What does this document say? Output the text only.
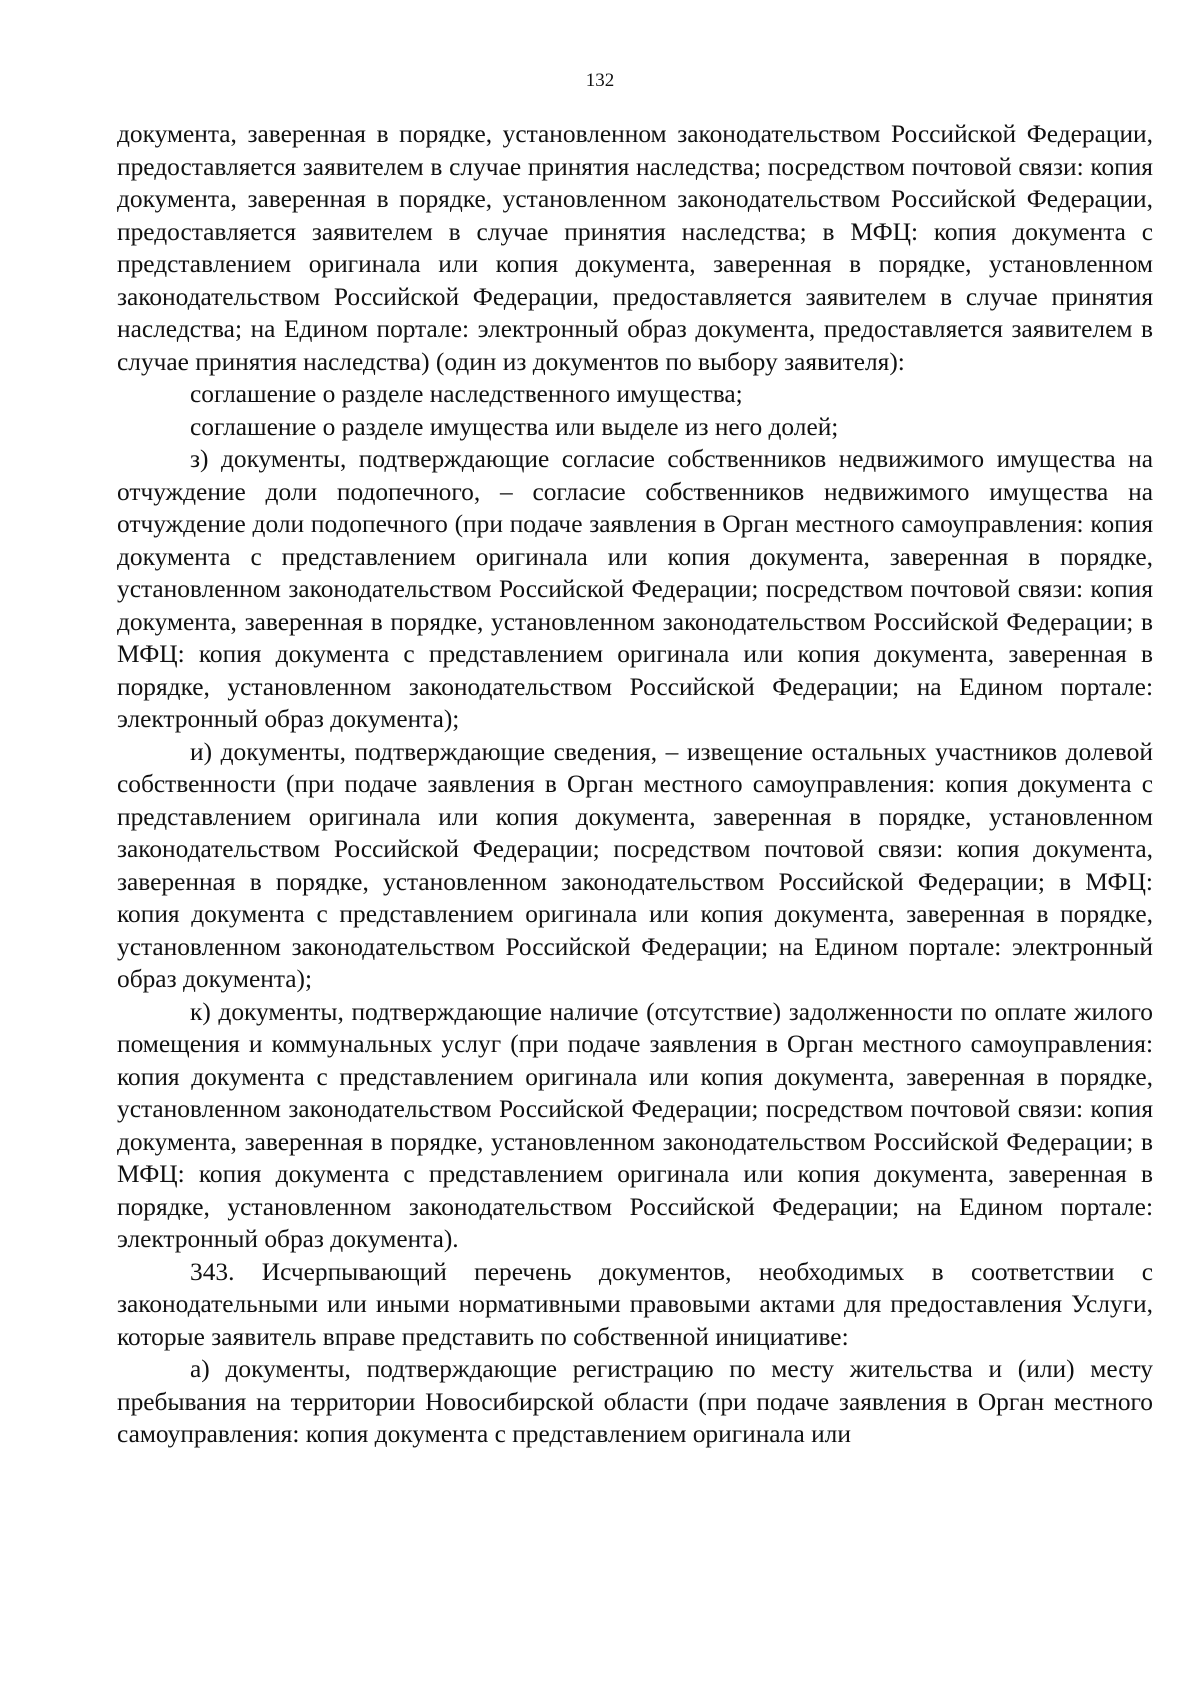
132

документа, заверенная в порядке, установленном законодательством Российской Федерации, предоставляется заявителем в случае принятия наследства; посредством почтовой связи: копия документа, заверенная в порядке, установленном законодательством Российской Федерации, предоставляется заявителем в случае принятия наследства; в МФЦ: копия документа с представлением оригинала или копия документа, заверенная в порядке, установленном законодательством Российской Федерации, предоставляется заявителем в случае принятия наследства; на Едином портале: электронный образ документа, предоставляется заявителем в случае принятия наследства) (один из документов по выбору заявителя):

соглашение о разделе наследственного имущества;

соглашение о разделе имущества или выделе из него долей;

з) документы, подтверждающие согласие собственников недвижимого имущества на отчуждение доли подопечного, – согласие собственников недвижимого имущества на отчуждение доли подопечного (при подаче заявления в Орган местного самоуправления: копия документа с представлением оригинала или копия документа, заверенная в порядке, установленном законодательством Российской Федерации; посредством почтовой связи: копия документа, заверенная в порядке, установленном законодательством Российской Федерации; в МФЦ: копия документа с представлением оригинала или копия документа, заверенная в порядке, установленном законодательством Российской Федерации; на Едином портале: электронный образ документа);

и) документы, подтверждающие сведения, – извещение остальных участников долевой собственности (при подаче заявления в Орган местного самоуправления: копия документа с представлением оригинала или копия документа, заверенная в порядке, установленном законодательством Российской Федерации; посредством почтовой связи: копия документа, заверенная в порядке, установленном законодательством Российской Федерации; в МФЦ: копия документа с представлением оригинала или копия документа, заверенная в порядке, установленном законодательством Российской Федерации; на Едином портале: электронный образ документа);

к) документы, подтверждающие наличие (отсутствие) задолженности по оплате жилого помещения и коммунальных услуг (при подаче заявления в Орган местного самоуправления: копия документа с представлением оригинала или копия документа, заверенная в порядке, установленном законодательством Российской Федерации; посредством почтовой связи: копия документа, заверенная в порядке, установленном законодательством Российской Федерации; в МФЦ: копия документа с представлением оригинала или копия документа, заверенная в порядке, установленном законодательством Российской Федерации; на Едином портале: электронный образ документа).

343. Исчерпывающий перечень документов, необходимых в соответствии с законодательными или иными нормативными правовыми актами для предоставления Услуги, которые заявитель вправе представить по собственной инициативе:

а) документы, подтверждающие регистрацию по месту жительства и (или) месту пребывания на территории Новосибирской области (при подаче заявления в Орган местного самоуправления: копия документа с представлением оригинала или
